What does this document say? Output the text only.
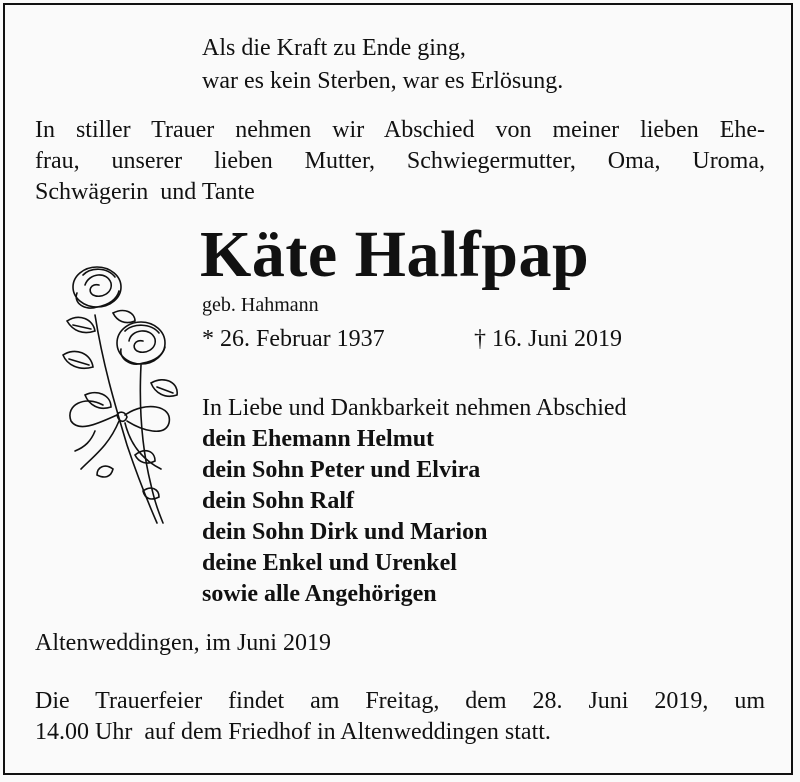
Als die Kraft zu Ende ging,
war es kein Sterben, war es Erlösung.
In stiller Trauer nehmen wir Abschied von meiner lieben Ehe-
frau, unserer lieben Mutter, Schwiegermutter, Oma, Uroma,
Schwägerin  und Tante
Käte Halfpap
geb. Hahmann
* 26. Februar 1937	† 16. Juni 2019
In Liebe und Dankbarkeit nehmen Abschied
dein Ehemann Helmut
dein Sohn Peter und Elvira
dein Sohn Ralf
dein Sohn Dirk und Marion
deine Enkel und Urenkel
sowie alle Angehörigen
Altenweddingen, im Juni 2019
Die Trauerfeier findet am Freitag, dem 28. Juni 2019, um
14.00 Uhr  auf dem Friedhof in Altenweddingen statt.
